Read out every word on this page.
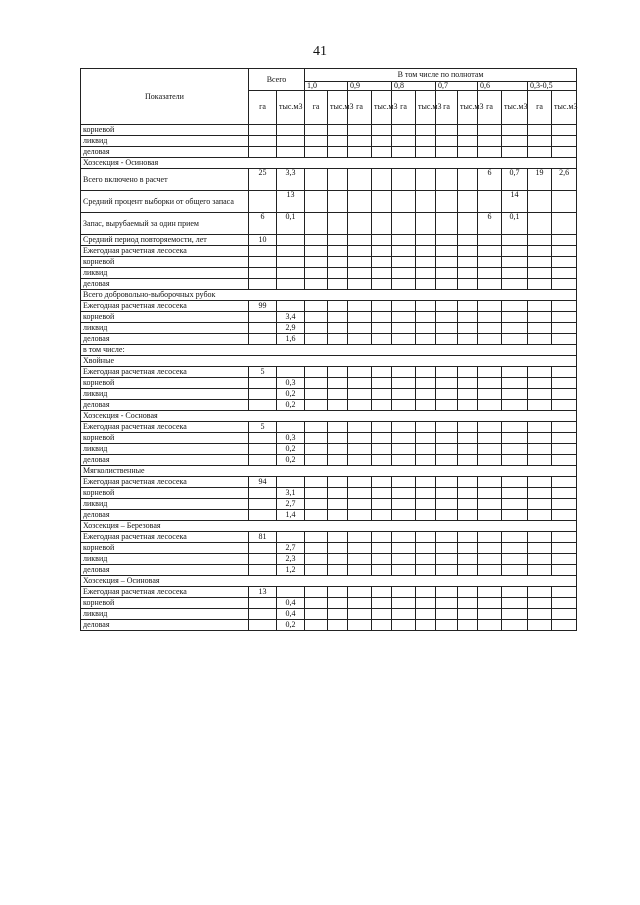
41
Показатели	Всего		В том числе по полнотам											
			1,0		0,9		0,8		0,7		0,6		0,3-0,5	
	га	тыс.м3	га	тыс.м3	га	тыс.м3	га	тыс.м3	га	тыс.м3	га	тыс.м3	га	тыс.м3
корневой														
ликвид														
деловая														
Хозсекция - Осиновая														
Всего включено в расчет	25	3,3									6	0,7	19	2,6
Средний процент выборки от общего запаса		13										14		
Запас, вырубаемый за один прием	6	0,1									6	0,1		
Средний период повторяемости, лет	10													
Ежегодная расчетная лесосека														
корневой														
ликвид														
деловая														
Всего добровольно-выборочных рубок														
Ежегодная расчетная лесосека	99													
корневой		3,4												
ликвид		2,9												
деловая		1,6												
в том числе:														
Хвойные														
Ежегодная расчетная лесосека	5													
корневой		0,3												
ликвид		0,2												
деловая		0,2												
Хозсекция - Сосновая														
Ежегодная расчетная лесосека	5													
корневой		0,3												
ликвид		0,2												
деловая		0,2												
Мягколиственные														
Ежегодная расчетная лесосека	94													
корневой		3,1												
ликвид		2,7												
деловая		1,4												
Хозсекция – Березовая														
Ежегодная расчетная лесосека	81													
корневой		2,7												
ликвид		2,3												
деловая		1,2												
Хозсекция – Осиновая														
Ежегодная расчетная лесосека	13													
корневой		0,4												
ликвид		0,4												
деловая		0,2												
